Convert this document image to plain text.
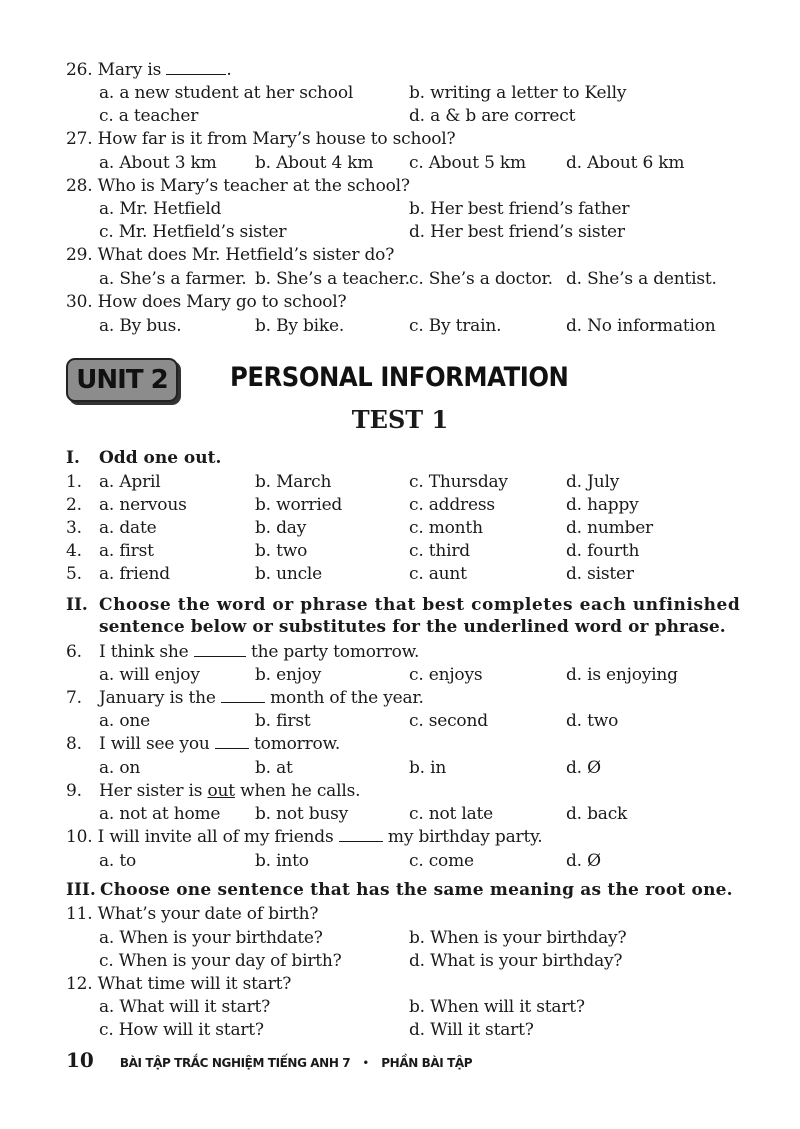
26. Mary is	.
a. a new student at her school	b. writing a letter to Kelly
c. a teacher	d. a & b are correct
27. How far is it from Mary’s house to school?
a. About 3 km b. About 4 km c. About 5 km d. About 6 km
28. Who is Mary’s teacher at the school?
a. Mr. Hetfield	b. Her best friend’s father
c. Mr. Hetfield’s sister	d. Her best friend’s sister
29. What does Mr. Hetfield’s sister do?
a. She’s a farmer. b. She’s a teacher. c. She’s a doctor. d. She’s a dentist.
30. How does Mary go to school?
a. By bus.	b. By bike.	c. By train.	d. No information
UNIT 2	PERSONAL INFORMATION
TEST 1
I. Odd one out.
1. a. April	b. March	c. Thursday	d. July
2. a. nervous	b. worried	c. address	d. happy
3. a. date	b. day	c. month	d. number
4. a. first	b. two	c. third	d. fourth
5. a. friend	b. uncle	c. aunt	d. sister
II. Choose the word or phrase that best completes each unfinished
sentence below or substitutes for the underlined word or phrase.
6. I think she	the party tomorrow.
a. will enjoy	b. enjoy	c. enjoys	d. is enjoying
7. January is the	month of the year.
a. one	b. first	c. second	d. two
8. I will see you  tomorrow.
a. on	b. at	b. in	d. Ø
9. Her sister is out when he calls.
a. not at home b. not busy	c. not late	d. back
10. I will invite all of my friends	my birthday party.
a. to	b. into	c. come	d. Ø
III. Choose one sentence that has the same meaning as the root one.
11. What’s your date of birth?
a. When is your birthdate?	b. When is your birthday?
c. When is your day of birth?	d. What is your birthday?
12. What time will it start?
a. What will it start?	b. When will it start?
c. How will it start?	d. Will it start?
10 BÀI TẬP TRẮC NGHIỆM TIẾNG ANH 7 • PHẦN BÀI TẬP
